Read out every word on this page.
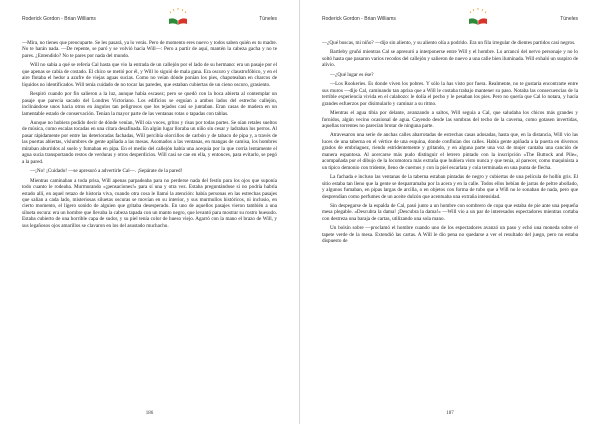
Roderick Gordon - Brian Williams	Túneles

—Mira, no tienes que preocuparte. Se les pasará, ya lo verás. Pero de momento eres nuevo y todos saben quién es tu madre. No te harán nada. —De repente, se paró y se volvió hacia Will—: Pero a partir de aquí, mantén la cabeza gacha y no te pares. ¿Entendido? No te pares por nada del mundo.

Will no sabía a qué se refería Cal hasta que vio la entrada de un callejón por el lado de su hermano: era un pasaje por el que apenas se cabía de costado. El chico se metió por él, y Will lo siguió de mala gana. Era oscuro y claustrofóbico, y en el aire flotaba el hedor a azufre de viejas aguas sucias. Como no veían dónde ponían los pies, chapoteaban en charcos de líquidos no identificados. Will tenía cuidado de no tocar las paredes, que estaban cubiertas de un cieno oscuro, grasiento.

Respiró cuando por fin salieron a la luz, aunque había escasez; pero se quedó con la boca abierta al contemplar un pasaje que parecía sacado del Londres Victoriano. Los edificios se erguían a ambos lados del estrecho callejón, inclinándose unos hacia otros en ángulos tan peligrosos que los tejados casi se juntaban. Eran casas de madera en un lamentable estado de conservación. Tenían la mayor parte de las ventanas rotas o tapadas con tablas.

Aunque no hubiera podido decir de dónde venían, Will oía voces, gritos y risas por todas partes. Se oían retales sueltos de música, como escalas tocadas en una cítara desafinada. En algún lugar lloraba un niño sin cesar y ladraban los perros. Al pasar rápidamente por entre las deterioradas fachadas, Will percibía olorcillos de carbón y de tabaco de pipa y, a través de las puertas abiertas, vislumbres de gente apiñada a las mesas. Asomados a las ventanas, en mangas de camisa, los hombres miraban aburridos al suelo y fumaban en pipa. En el medio del callejón había una acequia por la que corría lentamente el agua sucia transportando restos de verduras y otros desperdicios. Will casi se cae en ella, y entonces, para evitarlo, se pegó a la pared.

—¡No! ¡Cuidado! —se apresuró a advertirle Cal—. ¡Sepárate de la pared!

Mientras caminaban a toda prisa, Will apenas parpadeaba para no perderse nada del festín para los ojos que suponía todo cuanto le rodeaba. Murmurando «¡pensaciones!» para sí una y otra vez. Estaba preguntándose si no podría habría estado allí, en aquel retazo de historia viva, cuando otra cosa le llamó la atención: había personas en las estrechas pasajes que salían a cada lado, misteriosas siluetas oscuras se movían en su interior, y sus murmullos históricos, ni inclusio, en cierto momento, el ligero sonido de alguien que gritaba desesperado. En uno de aquellos pasajes vieron también a una silueta oscura: era un hombre que llevaba la cabeza tapada con un manto negro, que levantó para mostrar su rostro huesudo. Estaba cubierto de una horrible capa de sudor, y su piel tenía color de hueso viejo. Agarró con la mano el brazo de Will, y sus legañosos ojos amarillos se clavaron en los del asustado muchacho.

186
Roderick Gordon - Brian Williams	Túneles

—¿Qué buscas, mi niño? —dijo sin aliento, y su aliento olía a podrido. Era un fila irregular de dientes partidos casi negros.

Bartleby gruñó mientras Cal se apresuró a interponerse entre Will y el hombre. Lo arrancó del nervo personaje y no lo soltó hasta que pasaron varios recodos del callejón y salieron de nuevo a una calle bien iluminada. Will exhaló un suspiro de alivio.

—¿Qué lugar es ése?

—Los Rookeries. Es donde viven los pobres. Y sólo la has visto por fuera. Realmente, no te gustaría encontrarte entre sus muros —dijo Cal, caminando tan aprisa que a Will le costaba trabajo mantener su paso. Notaba las consecuencias de la terrible experiencia vivida en el calabozo: le dolía el pecho y le pesaban los pies. Pero no quería que Cal lo notara, y hacía grandes esfuerzos por disimularlo y caminar a su ritmo.

Mientras el agua tibia por delante, avanzando a saltos, Will seguía a Cal, que saludaba los chicos más grandes y fornidos, algún vecino ocasional de agua. Cayendo desde las sombras del techo de la caverna, como gotasen invertidas, aquellas torrentes no parecían brotar de ninguna parte.

Atravesaron una serie de anchas calles abarrotadas de estrechas casas adosadas, hasta que, en la distancia, Will vio las luces de una taberna en el vértice de una esquina, donde confluían dos calles. Había gente apiñada a la puerta en diversos grados de embriaguez, riendo estridentemente y gritando, y en alguna parte una voz de mujer cantaba una canción de manera espantosa. Al acercarse más pudo distinguir el letrero pintado con la inscripción «The Buttock and Pile», acompañada por el dibujo de la locomotora más extraña que hubiera visto nunca y que tenía, al parecer, como maquinista a un típico demonio con tridente, lleno de cuernos y con la piel escarlata y cola terminada en una punta de flecha.

La fachada e incluso las ventanas de la taberna estaban pintadas de negro y cubiertas de una película de hollín gris. El sitio estaba tan lleno que la gente se desparramaba por la acera y en la calle. Todos ellos bebían de jarras de peltre abollado, y algunos fumaban, en pipas largas de arcilla, o en objetos con forma de tubo que a Will no le sonaban de nada, pero que desprendían como perfumes de un aceite dulzón que acentuaba una extraña intensidad.

Sin despegarse de la espalda de Cal, pasó junto a un hombre con sombrero de copa que estaba de pie ante una pequeña mesa plegable. «Descubra la dama! ¡Descubra la dama!» —Will vio a un par de interesados espectadores mientras cortaba con destreza una baraja de cartas, utilizando una sola mano.

Un bolsín sobre —proclamó el hombre cuando uno de los espectadores avanzó un paso y echó una moneda sobre el tapete verde de la mesa. Extendió las cartas. A Will le dio pena no quedarse a ver el resultado del juego, pero no estaba dispuesto de

187
